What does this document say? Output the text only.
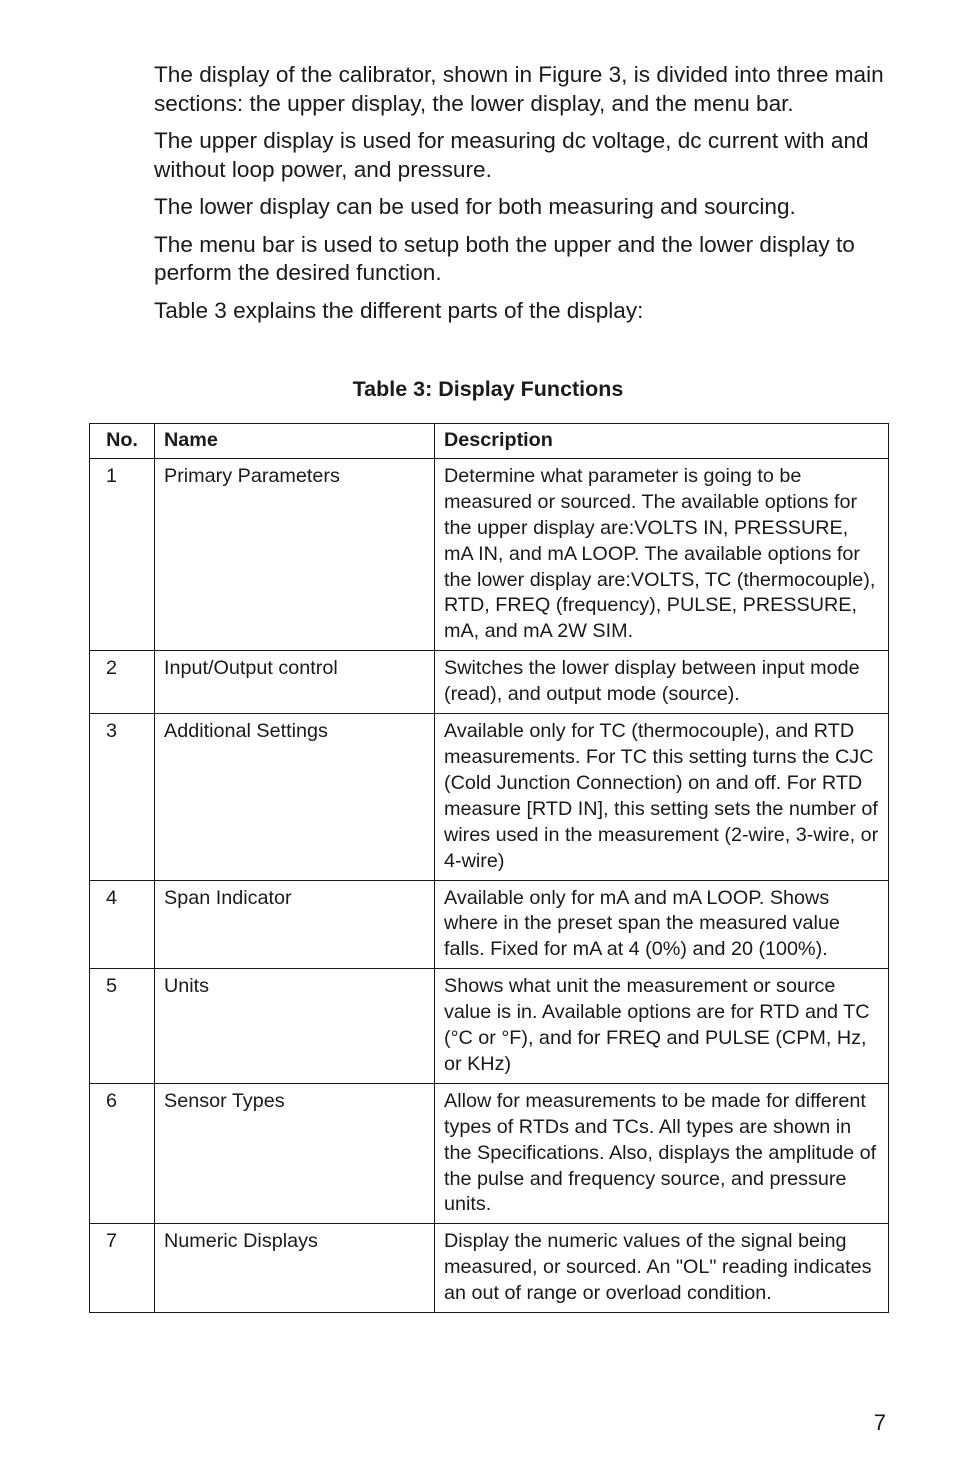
The display of the calibrator, shown in Figure 3, is divided into three main sections: the upper display, the lower display, and the menu bar.

The upper display is used for measuring dc voltage, dc current with and without loop power, and pressure.

The lower display can be used for both measuring and sourcing.

The menu bar is used to setup both the upper and the lower display to perform the desired function.

Table 3 explains the different parts of the display:

Table 3: Display Functions
No.	Name	Description
1	Primary Parameters	Determine what parameter is going to be measured or sourced. The available options for the upper display are:VOLTS IN, PRESSURE, mA IN, and mA LOOP. The available options for the lower display are:VOLTS, TC (thermocouple), RTD, FREQ (frequency), PULSE, PRESSURE, mA, and mA 2W SIM.
2	Input/Output control	Switches the lower display between input mode (read), and output mode (source).
3	Additional Settings	Available only for TC (thermocouple), and RTD measurements. For TC this setting turns the CJC (Cold Junction Connection) on and off. For RTD measure [RTD IN], this setting sets the number of wires used in the measurement (2-wire, 3-wire, or 4-wire)
4	Span Indicator	Available only for mA and mA LOOP. Shows where in the preset span the measured value falls. Fixed for mA at 4 (0%) and 20 (100%).
5	Units	Shows what unit the measurement or source value is in. Available options are for RTD and TC (°C or °F), and for FREQ and PULSE (CPM, Hz, or KHz)
6	Sensor Types	Allow for measurements to be made for different types of RTDs and TCs. All types are shown in the Specifications. Also, displays the amplitude of the pulse and frequency source, and pressure units.
7	Numeric Displays	Display the numeric values of the signal being measured, or sourced. An "OL" reading indicates an out of range or overload condition.
7
